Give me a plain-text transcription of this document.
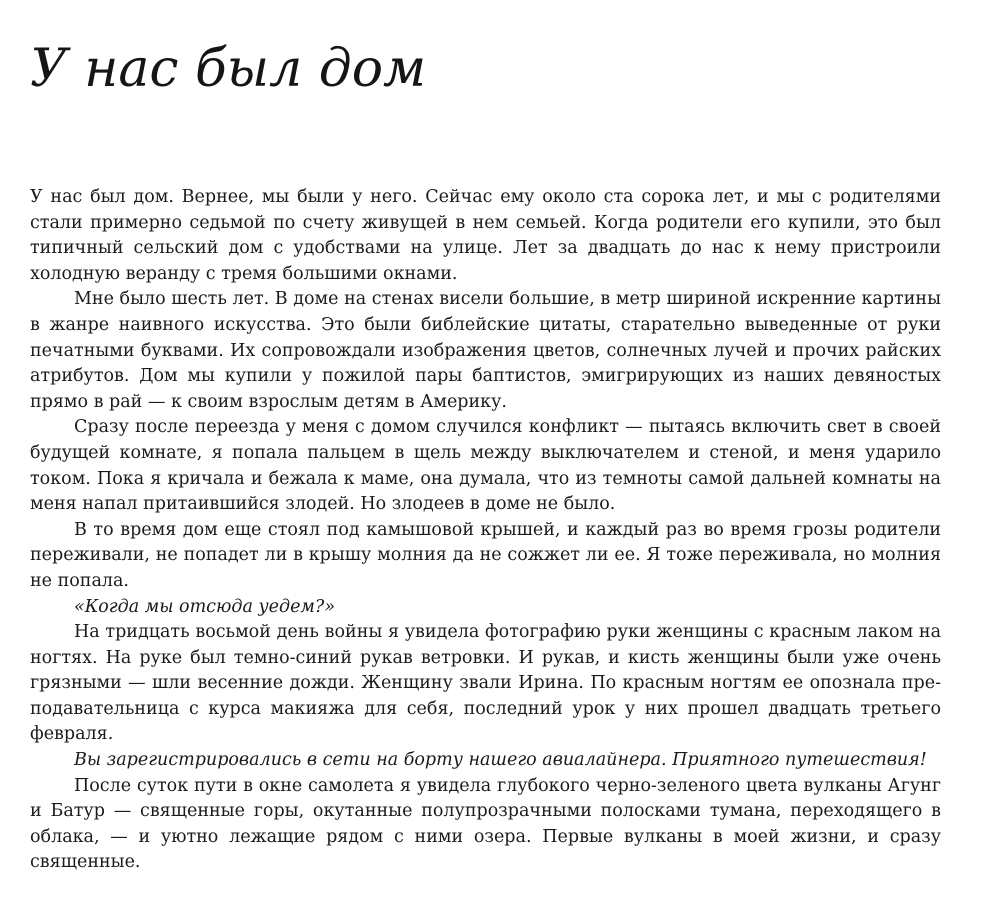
У нас был дом

У нас был дом. Вернее, мы были у него. Сейчас ему около ста сорока лет, и мы с родителями стали примерно седьмой по счету живущей в нем семьей. Когда родители его купили, это был типичный сельский дом с удобствами на улице. Лет за двадцать до нас к нему пристроили холодную веранду с тремя большими окнами.

Мне было шесть лет. В доме на стенах висели большие, в метр шириной искренние картины в жанре наивного искусства. Это были библейские цитаты, старательно выведенные от руки печатными буквами. Их сопровождали изображения цветов, солнечных лучей и прочих райских атрибутов. Дом мы купили у пожилой пары баптистов, эмигрирующих из наших девяностых прямо в рай — к своим взрослым детям в Америку.

Сразу после переезда у меня с домом случился конфликт — пытаясь включить свет в своей будущей комнате, я попала пальцем в щель между выключателем и стеной, и меня ударило током. Пока я кричала и бежала к маме, она думала, что из темноты самой дальней комнаты на меня напал притаившийся злодей. Но злодеев в доме не было.

В то время дом еще стоял под камышовой крышей, и каждый раз во время грозы родители переживали, не попадет ли в крышу молния да не сожжет ли ее. Я тоже переживала, но молния не попала.

«Когда мы отсюда уедем?»

На тридцать восьмой день войны я увидела фотографию руки женщины с красным лаком на ногтях. На руке был темно-синий рукав ветровки. И рукав, и кисть женщины были уже очень грязными — шли весенние дожди. Женщину звали Ирина. По красным ногтям ее опознала преподавательница с курса макияжа для себя, последний урок у них прошел двадцать третьего февраля.

Вы зарегистрировались в сети на борту нашего авиалайнера. Приятного путешествия!

После суток пути в окне самолета я увидела глубокого черно-зеленого цвета вулканы Агунг и Батур — священные горы, окутанные полупрозрачными полосками тумана, переходящего в облака, — и уютно лежащие рядом с ними озера. Первые вулканы в моей жизни, и сразу священные.
